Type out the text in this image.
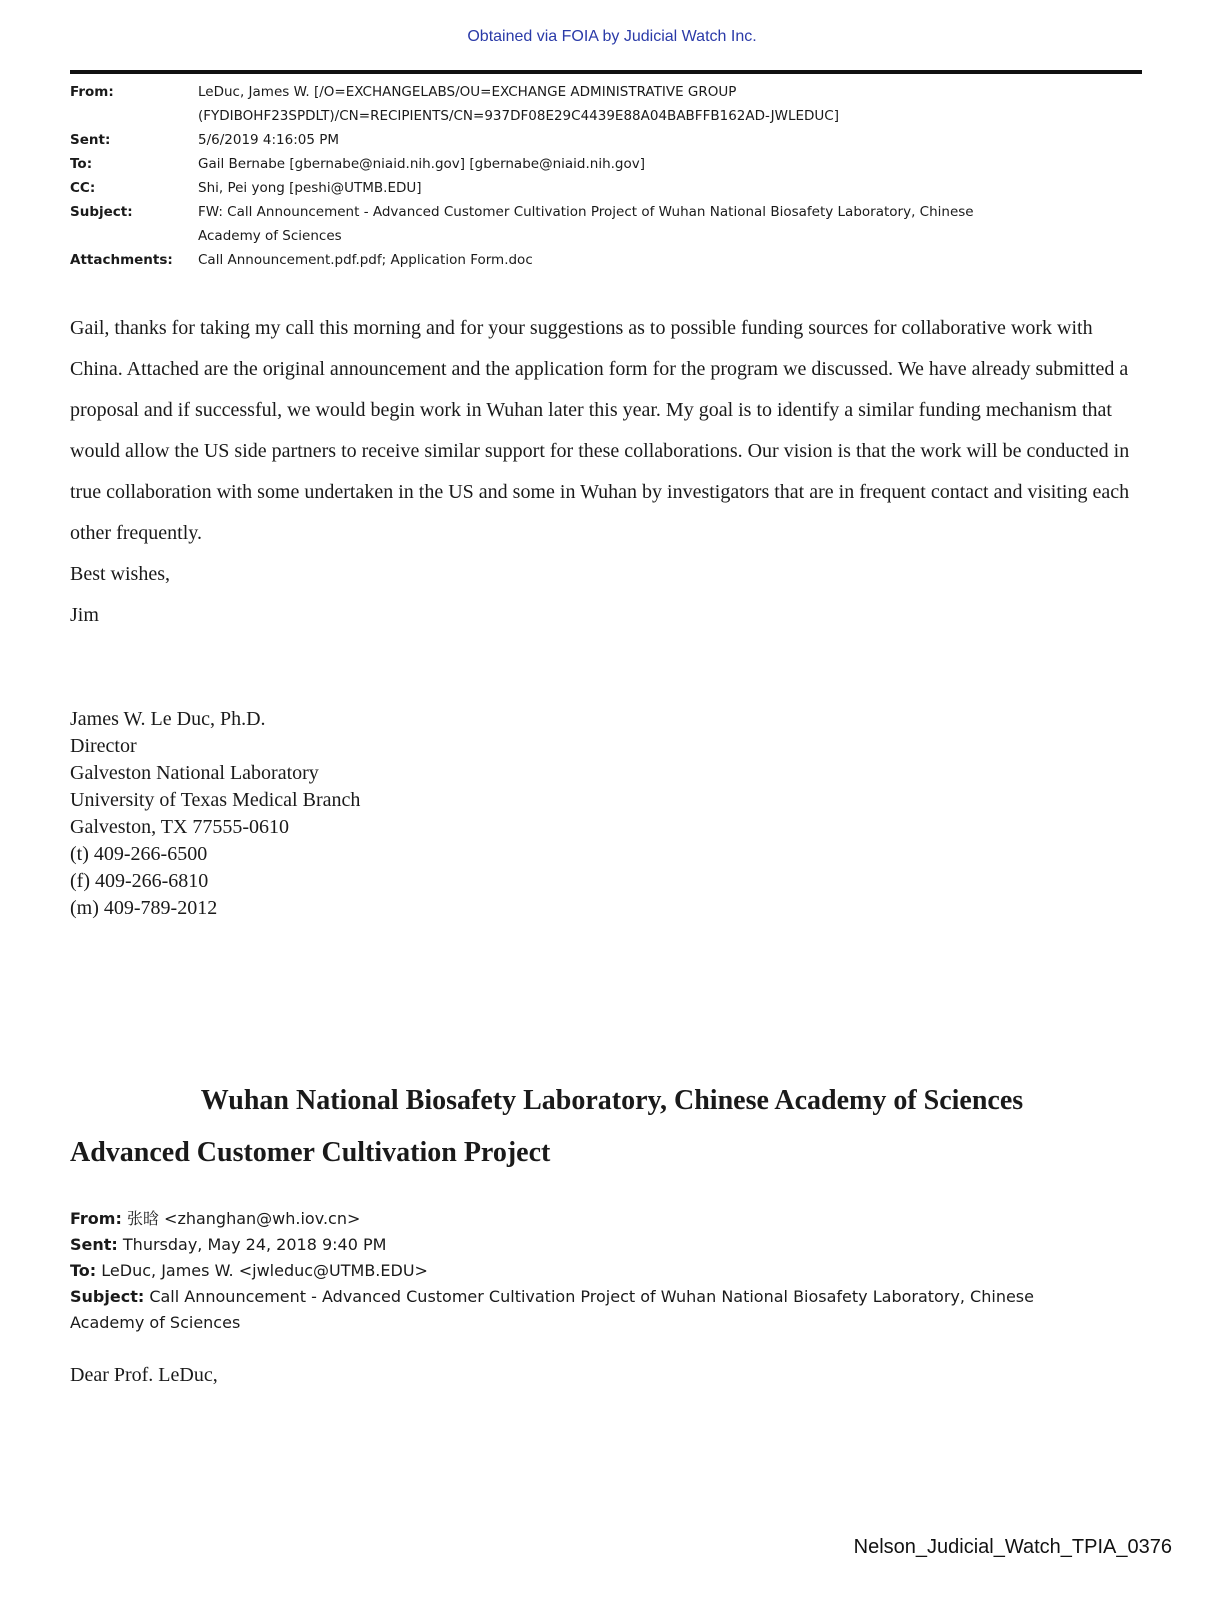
Obtained via FOIA by Judicial Watch Inc.
From:	LeDuc, James W. [/O=EXCHANGELABS/OU=EXCHANGE ADMINISTRATIVE GROUP
(FYDIBOHF23SPDLT)/CN=RECIPIENTS/CN=937DF08E29C4439E88A04BABFFB162AD-JWLEDUC]
Sent:	5/6/2019 4:16:05 PM
To:	Gail Bernabe [gbernabe@niaid.nih.gov] [gbernabe@niaid.nih.gov]
CC:	Shi, Pei yong [peshi@UTMB.EDU]
Subject:	FW: Call Announcement - Advanced Customer Cultivation Project of Wuhan National Biosafety Laboratory, Chinese
Academy of Sciences
Attachments:	Call Announcement.pdf.pdf; Application Form.doc

Gail, thanks for taking my call this morning and for your suggestions as to possible funding sources for collaborative work with China. Attached are the original announcement and the application form for the program we discussed. We have already submitted a proposal and if successful, we would begin work in Wuhan later this year. My goal is to identify a similar funding mechanism that would allow the US side partners to receive similar support for these collaborations. Our vision is that the work will be conducted in true collaboration with some undertaken in the US and some in Wuhan by investigators that are in frequent contact and visiting each other frequently.

Best wishes,

Jim

James W. Le Duc, Ph.D.
Director
Galveston National Laboratory
University of Texas Medical Branch
Galveston, TX 77555-0610
(t) 409-266-6500
(f) 409-266-6810
(m) 409-789-2012
Wuhan National Biosafety Laboratory, Chinese Academy of Sciences
Advanced Customer Cultivation Project
From: 张晗 <zhanghan@wh.iov.cn>
Sent: Thursday, May 24, 2018 9:40 PM
To: LeDuc, James W. <jwleduc@UTMB.EDU>
Subject: Call Announcement - Advanced Customer Cultivation Project of Wuhan National Biosafety Laboratory, Chinese
Academy of Sciences
Dear Prof. LeDuc,
Nelson_Judicial_Watch_TPIA_0376
